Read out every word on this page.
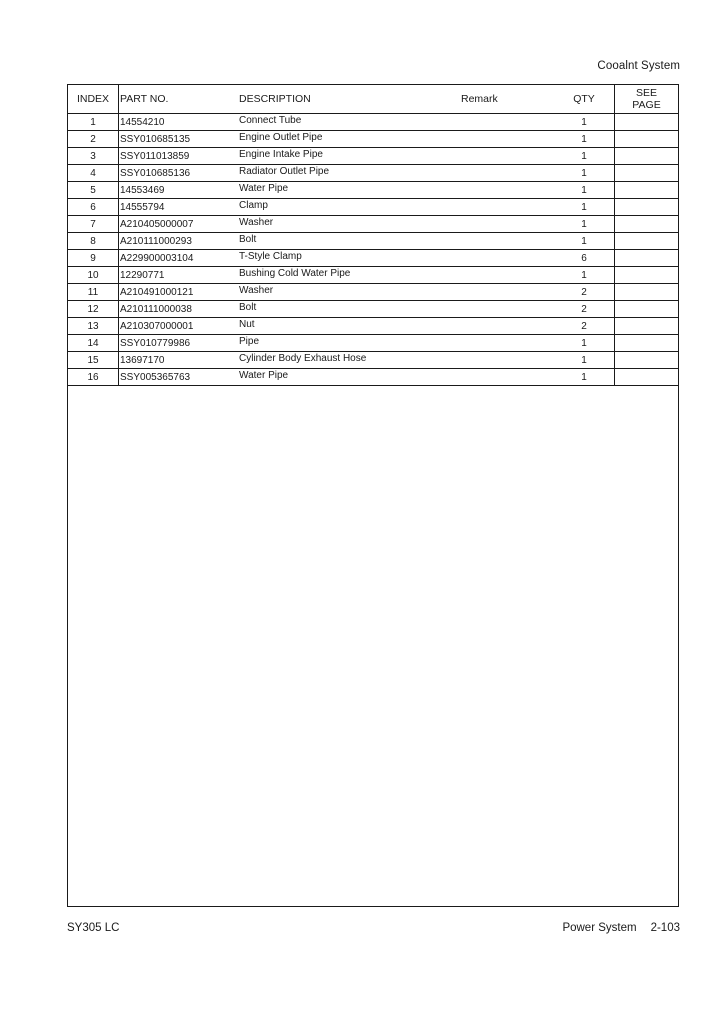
Cooalnt System
INDEX	PART NO.	DESCRIPTION	Remark	QTY	SEE
PAGE

1	14554210	Connect Tube		1	
2	SSY010685135	Engine Outlet Pipe		1	
3	SSY011013859	Engine Intake Pipe		1	
4	SSY010685136	Radiator Outlet Pipe		1	
5	14553469	Water Pipe		1	
6	14555794	Clamp		1	
7	A210405000007	Washer		1	
8	A210111000293	Bolt		1	
9	A229900003104	T-Style Clamp		6	
10	12290771	Bushing Cold Water Pipe		1	
11	A210491000121	Washer		2	
12	A210111000038	Bolt		2	
13	A210307000001	Nut		2	
14	SSY010779986	Pipe		1	
15	13697170	Cylinder Body Exhaust Hose		1	
16	SSY005365763	Water Pipe		1	
SY305 LC	Power System 2-103
